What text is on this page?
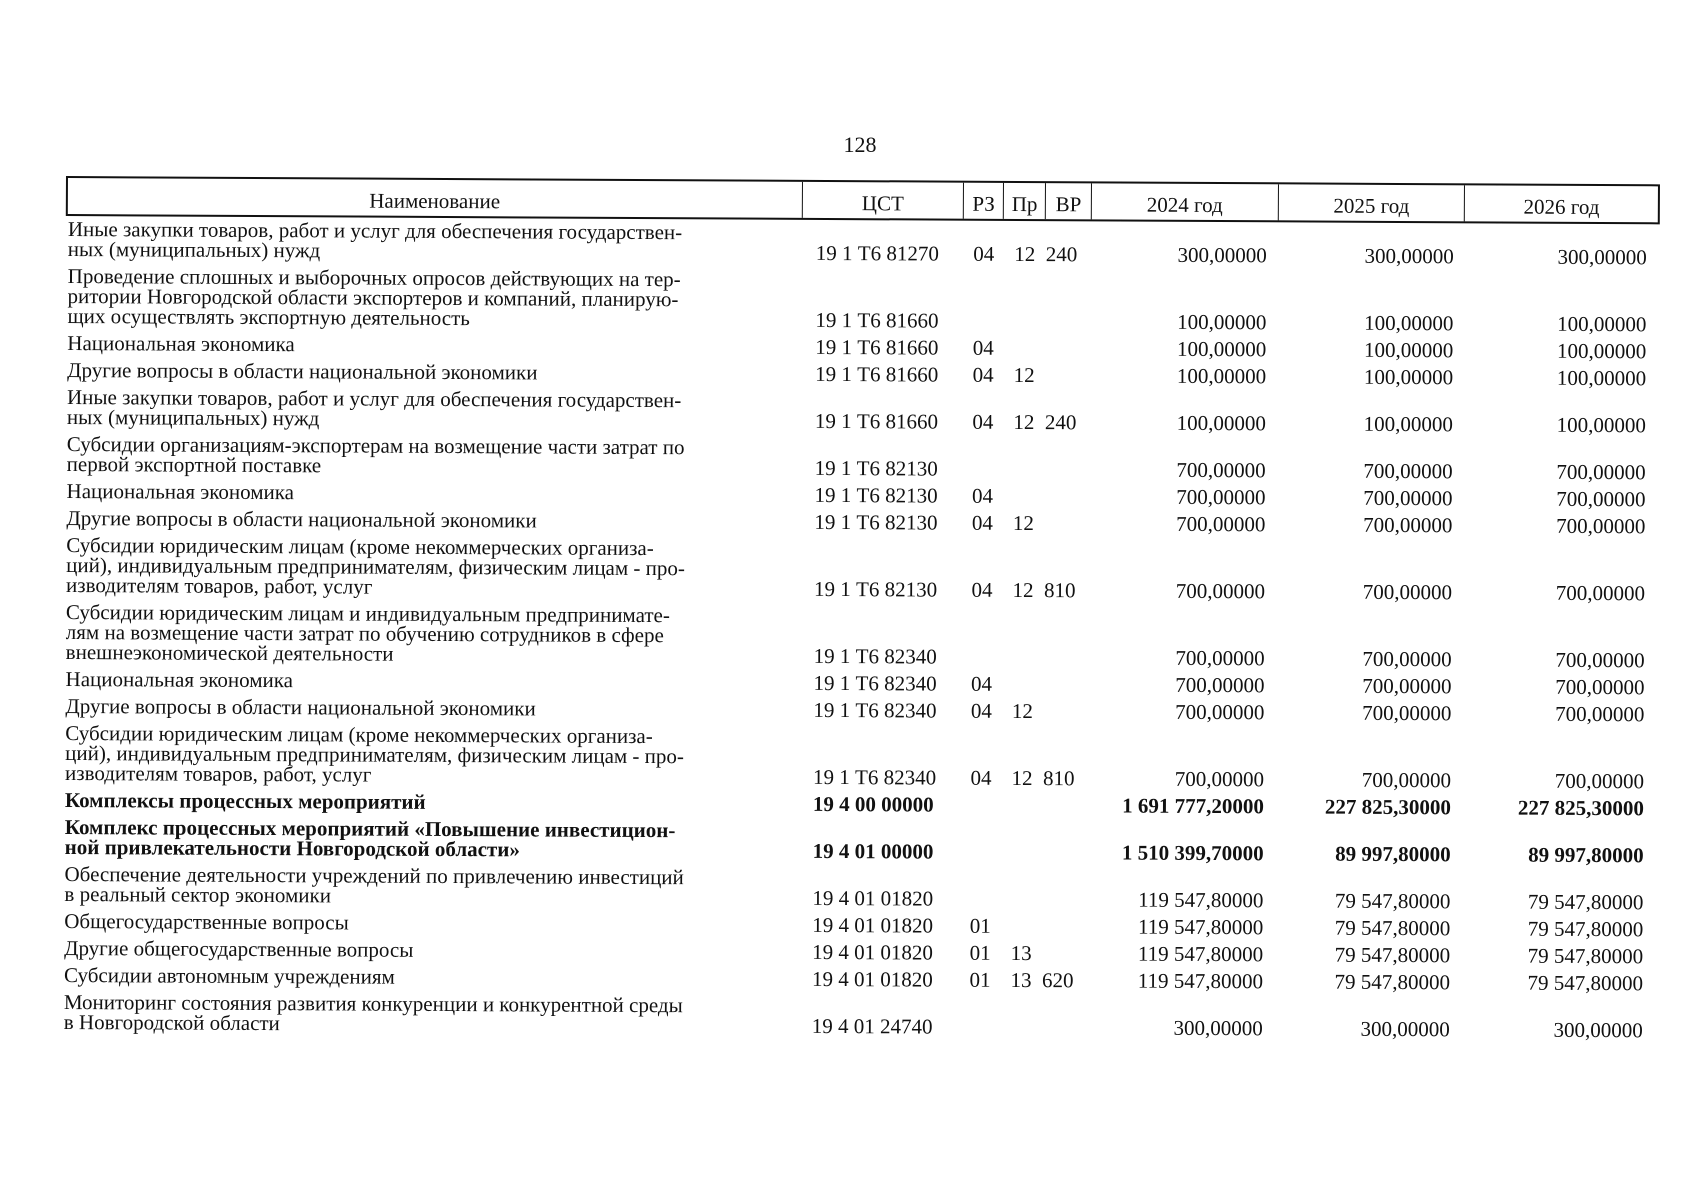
128
Наименование	ЦСТ	РЗ Пр ВР	2024 год	2025 год	2026 год
Иные закупки товаров, работ и услуг для обеспечения государствен-
ных (муниципальных) нужд	19 1 Т6 81270	04 12 240	300,00000	300,00000	300,00000
Проведение сплошных и выборочных опросов действующих на тер-
ритории Новгородской области экспортеров и компаний, планирую-
щих осуществлять экспортную деятельность	19 1 Т6 81660	100,00000	100,00000	100,00000
Национальная экономика	19 1 Т6 81660	04	100,00000	100,00000	100,00000
Другие вопросы в области национальной экономики	19 1 Т6 81660	04 12	100,00000	100,00000	100,00000
Иные закупки товаров, работ и услуг для обеспечения государствен-
ных (муниципальных) нужд	19 1 Т6 81660	04 12 240	100,00000	100,00000	100,00000
Субсидии организациям-экспортерам на возмещение части затрат по
первой экспортной поставке	19 1 Т6 82130	700,00000	700,00000	700,00000
Национальная экономика	19 1 Т6 82130	04	700,00000	700,00000	700,00000
Другие вопросы в области национальной экономики	19 1 Т6 82130	04 12	700,00000	700,00000	700,00000
Субсидии юридическим лицам (кроме некоммерческих организа-
ций), индивидуальным предпринимателям, физическим лицам - про-
изводителям товаров, работ, услуг	19 1 Т6 82130	04 12 810	700,00000	700,00000	700,00000
Субсидии юридическим лицам и индивидуальным предпринимате-
лям на возмещение части затрат по обучению сотрудников в сфере
внешнеэкономической деятельности	19 1 Т6 82340	700,00000	700,00000	700,00000
Национальная экономика	19 1 Т6 82340	04	700,00000	700,00000	700,00000
Другие вопросы в области национальной экономики	19 1 Т6 82340	04 12	700,00000	700,00000	700,00000
Субсидии юридическим лицам (кроме некоммерческих организа-
ций), индивидуальным предпринимателям, физическим лицам - про-
изводителям товаров, работ, услуг	19 1 Т6 82340	04 12 810	700,00000	700,00000	700,00000
Комплексы процессных мероприятий	19 4 00 00000	1 691 777,20000	227 825,30000	227 825,30000
Комплекс процессных мероприятий «Повышение инвестицион-
ной привлекательности Новгородской области»	19 4 01 00000	1 510 399,70000	89 997,80000	89 997,80000
Обеспечение деятельности учреждений по привлечению инвестиций
в реальный сектор экономики	19 4 01 01820	119 547,80000	79 547,80000	79 547,80000
Общегосударственные вопросы	19 4 01 01820	01	119 547,80000	79 547,80000	79 547,80000
Другие общегосударственные вопросы	19 4 01 01820	01 13	119 547,80000	79 547,80000	79 547,80000
Субсидии автономным учреждениям	19 4 01 01820	01 13 620	119 547,80000	79 547,80000	79 547,80000
Мониторинг состояния развития конкуренции и конкурентной среды
в Новгородской области	19 4 01 24740	300,00000	300,00000	300,00000
